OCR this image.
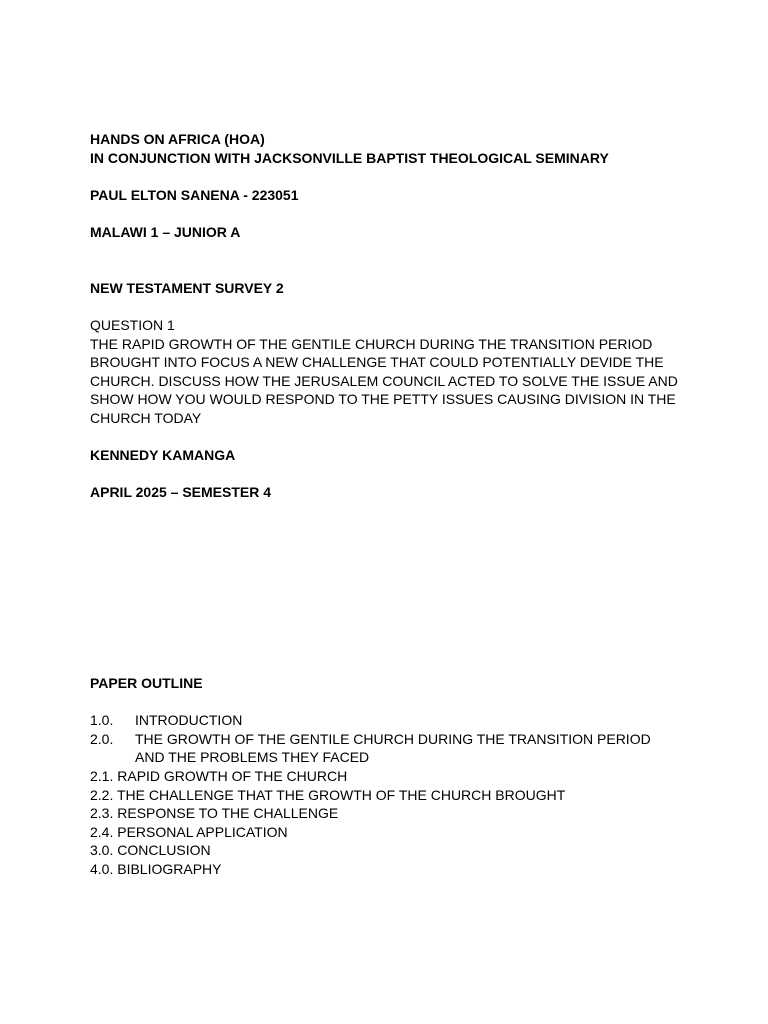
HANDS ON AFRICA (HOA)
IN CONJUNCTION WITH JACKSONVILLE BAPTIST THEOLOGICAL SEMINARY
PAUL ELTON SANENA - 223051
MALAWI 1 – JUNIOR A
NEW TESTAMENT SURVEY 2
QUESTION 1
THE RAPID GROWTH OF THE GENTILE CHURCH DURING THE TRANSITION PERIOD
BROUGHT INTO FOCUS A NEW CHALLENGE THAT COULD POTENTIALLY DEVIDE THE
CHURCH. DISCUSS HOW THE JERUSALEM COUNCIL ACTED TO SOLVE THE ISSUE AND
SHOW HOW YOU WOULD RESPOND TO THE PETTY ISSUES CAUSING DIVISION IN THE
CHURCH TODAY
KENNEDY KAMANGA
APRIL 2025 – SEMESTER 4
PAPER OUTLINE
1.0. INTRODUCTION
2.0. THE GROWTH OF THE GENTILE CHURCH DURING THE TRANSITION PERIOD
AND THE PROBLEMS THEY FACED
2.1. RAPID GROWTH OF THE CHURCH
2.2. THE CHALLENGE THAT THE GROWTH OF THE CHURCH BROUGHT
2.3. RESPONSE TO THE CHALLENGE
2.4. PERSONAL APPLICATION
3.0. CONCLUSION
4.0. BIBLIOGRAPHY
